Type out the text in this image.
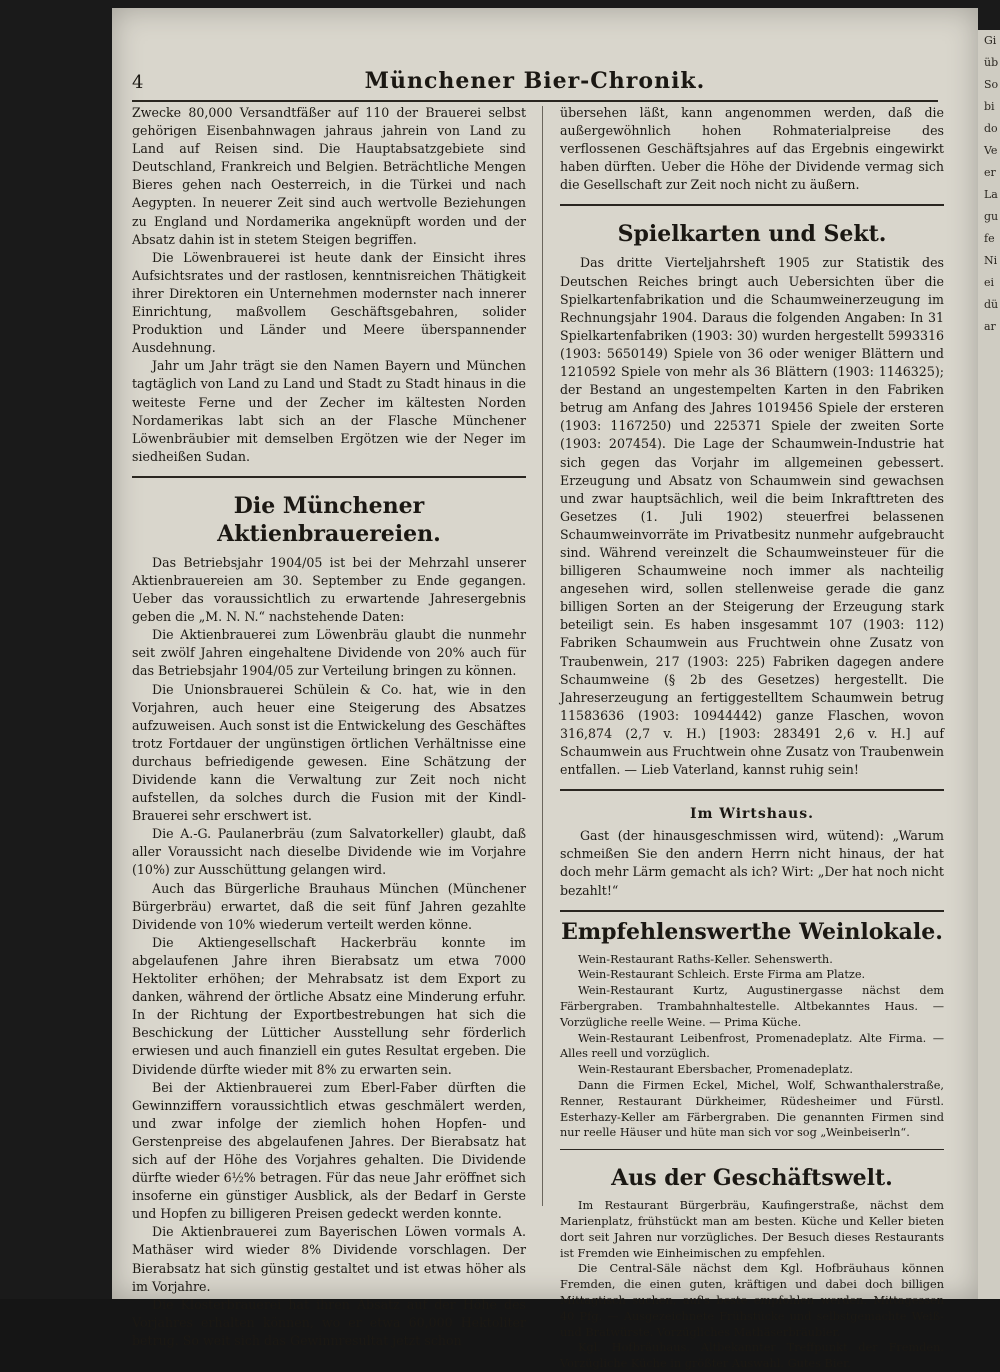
Gi
üb
So
bi
do
Ve
er
La
gu
fe
Ni
ei
dü
ar
4	Münchener Bier-Chronik.

Zwecke 80,000 Versandtfäßer auf 110 der Brauerei selbst gehörigen Eisenbahnwagen jahraus jahrein von Land zu Land auf Reisen sind. Die Hauptabsatzgebiete sind Deutschland, Frankreich und Belgien. Beträchtliche Mengen Bieres gehen nach Oesterreich, in die Türkei und nach Aegypten. In neuerer Zeit sind auch wertvolle Beziehungen zu England und Nordamerika angeknüpft worden und der Absatz dahin ist in stetem Steigen begriffen.

Die Löwenbrauerei ist heute dank der Einsicht ihres Aufsichtsrates und der rastlosen, kenntnisreichen Thätigkeit ihrer Direktoren ein Unternehmen modernster nach innerer Einrichtung, maßvollem Geschäftsgebahren, solider Produktion und Länder und Meere überspannender Ausdehnung.

Jahr um Jahr trägt sie den Namen Bayern und München tagtäglich von Land zu Land und Stadt zu Stadt hinaus in die weiteste Ferne und der Zecher im kältesten Norden Nordamerikas labt sich an der Flasche Münchener Löwenbräubier mit demselben Ergötzen wie der Neger im siedheißen Sudan.

Die Münchener Aktienbrauereien.

Das Betriebsjahr 1904/05 ist bei der Mehrzahl unserer Aktienbrauereien am 30. September zu Ende gegangen. Ueber das voraussichtlich zu erwartende Jahresergebnis geben die „M. N. N.“ nachstehende Daten:

Die Aktienbrauerei zum Löwenbräu glaubt die nunmehr seit zwölf Jahren eingehaltene Dividende von 20% auch für das Betriebsjahr 1904/05 zur Verteilung bringen zu können.

Die Unionsbrauerei Schülein & Co. hat, wie in den Vorjahren, auch heuer eine Steigerung des Absatzes aufzuweisen. Auch sonst ist die Entwickelung des Geschäftes trotz Fortdauer der ungünstigen örtlichen Verhältnisse eine durchaus befriedigende gewesen. Eine Schätzung der Dividende kann die Verwaltung zur Zeit noch nicht aufstellen, da solches durch die Fusion mit der Kindl-Brauerei sehr erschwert ist.

Die A.-G. Paulanerbräu (zum Salvatorkeller) glaubt, daß aller Voraussicht nach dieselbe Dividende wie im Vorjahre (10%) zur Ausschüttung gelangen wird.

Auch das Bürgerliche Brauhaus München (Münchener Bürgerbräu) erwartet, daß die seit fünf Jahren gezahlte Dividende von 10% wiederum verteilt werden könne.

Die Aktiengesellschaft Hackerbräu konnte im abgelaufenen Jahre ihren Bierabsatz um etwa 7000 Hektoliter erhöhen; der Mehrabsatz ist dem Export zu danken, während der örtliche Absatz eine Minderung erfuhr. In der Richtung der Exportbestrebungen hat sich die Beschickung der Lütticher Ausstellung sehr förderlich erwiesen und auch finanziell ein gutes Resultat ergeben. Die Dividende dürfte wieder mit 8% zu erwarten sein.

Bei der Aktienbrauerei zum Eberl-Faber dürften die Gewinnziffern voraussichtlich etwas geschmälert werden, und zwar infolge der ziemlich hohen Hopfen- und Gerstenpreise des abgelaufenen Jahres. Der Bierabsatz hat sich auf der Höhe des Vorjahres gehalten. Die Dividende dürfte wieder 6½% betragen. Für das neue Jahr eröffnet sich insoferne ein günstiger Ausblick, als der Bedarf in Gerste und Hopfen zu billigeren Preisen gedeckt werden konnte.

Die Aktienbrauerei zum Bayerischen Löwen vormals A. Mathäser wird wieder 8% Dividende vorschlagen. Der Bierabsatz hat sich günstig gestaltet und ist etwas höher als im Vorjahre.

Die Klosterbrauerei hat ihren Absatz auf der Höhe des Vorjahres erhalten können, wo er etwa 60,000 Hektoliter betrug. So weit sich das Gewinnresultat jetzt schon

übersehen läßt, kann angenommen werden, daß die außergewöhnlich hohen Rohmaterialpreise des verflossenen Geschäftsjahres auf das Ergebnis eingewirkt haben dürften. Ueber die Höhe der Dividende vermag sich die Gesellschaft zur Zeit noch nicht zu äußern.

Spielkarten und Sekt.

Das dritte Vierteljahrsheft 1905 zur Statistik des Deutschen Reiches bringt auch Uebersichten über die Spielkartenfabrikation und die Schaumweinerzeugung im Rechnungsjahr 1904. Daraus die folgenden Angaben: In 31 Spielkartenfabriken (1903: 30) wurden hergestellt 5993316 (1903: 5650149) Spiele von 36 oder weniger Blättern und 1210592 Spiele von mehr als 36 Blättern (1903: 1146325); der Bestand an ungestempelten Karten in den Fabriken betrug am Anfang des Jahres 1019456 Spiele der ersteren (1903: 1167250) und 225371 Spiele der zweiten Sorte (1903: 207454). Die Lage der Schaumwein-Industrie hat sich gegen das Vorjahr im allgemeinen gebessert. Erzeugung und Absatz von Schaumwein sind gewachsen und zwar hauptsächlich, weil die beim Inkrafttreten des Gesetzes (1. Juli 1902) steuerfrei belassenen Schaumweinvorräte im Privatbesitz nunmehr aufgebraucht sind. Während vereinzelt die Schaumweinsteuer für die billigeren Schaumweine noch immer als nachteilig angesehen wird, sollen stellenweise gerade die ganz billigen Sorten an der Steigerung der Erzeugung stark beteiligt sein. Es haben insgesammt 107 (1903: 112) Fabriken Schaumwein aus Fruchtwein ohne Zusatz von Traubenwein, 217 (1903: 225) Fabriken dagegen andere Schaumweine (§ 2b des Gesetzes) hergestellt. Die Jahreserzeugung an fertiggestelltem Schaumwein betrug 11583636 (1903: 10944442) ganze Flaschen, wovon 316,874 (2,7 v. H.) [1903: 283491 2,6 v. H.] auf Schaumwein aus Fruchtwein ohne Zusatz von Traubenwein entfallen. — Lieb Vaterland, kannst ruhig sein!

Im Wirtshaus.

Gast (der hinausgeschmissen wird, wütend): „Warum schmeißen Sie den andern Herrn nicht hinaus, der hat doch mehr Lärm gemacht als ich? Wirt: „Der hat noch nicht bezahlt!“

Empfehlenswerthe Weinlokale.

Wein-Restaurant Raths-Keller. Sehenswerth.

Wein-Restaurant Schleich. Erste Firma am Platze.

Wein-Restaurant Kurtz, Augustinergasse nächst dem Färbergraben. Trambahnhaltestelle. Altbekanntes Haus. — Vorzügliche reelle Weine. — Prima Küche.

Wein-Restaurant Leibenfrost, Promenadeplatz. Alte Firma. — Alles reell und vorzüglich.

Wein-Restaurant Ebersbacher, Promenadeplatz.

Dann die Firmen Eckel, Michel, Wolf, Schwanthalerstraße, Renner, Restaurant Dürkheimer, Rüdesheimer und Fürstl. Esterhazy-Keller am Färbergraben. Die genannten Firmen sind nur reelle Häuser und hüte man sich vor sog „Weinbeiserln“.

Aus der Geschäftswelt.

Im Restaurant Bürgerbräu, Kaufingerstraße, nächst dem Marienplatz, frühstückt man am besten. Küche und Keller bieten dort seit Jahren nur vorzügliches. Der Besuch dieses Restaurants ist Fremden wie Einheimischen zu empfehlen.

Die Central-Säle nächst dem Kgl. Hofbräuhaus können Fremden, die einen guten, kräftigen und dabei doch billigen Mittagtisch suchen, auf's beste empfohlen werden. Mittagessen 40 Pfg. — Ausgezeichnete Frühstücke und selbstgemachte Weiß- und Bratwürste. Vorzügliches Mathäserbräubier.

Kgl. Hofbräuhaus. Altbekannter Treffpunkt der Fremden. Vorzügliche Küche in größter Auswahl. Gutes Bier.
